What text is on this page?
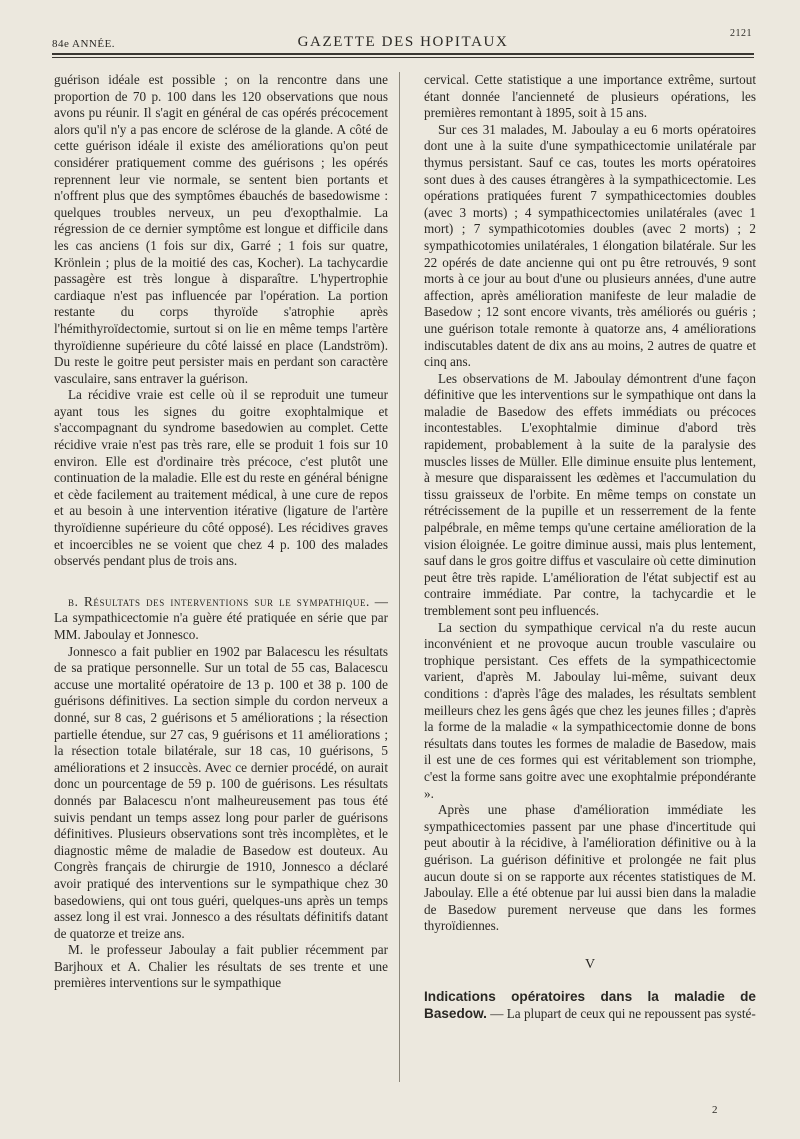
84e ANNÉE.	GAZETTE DES HOPITAUX
2121

guérison idéale est possible ; on la rencontre dans une proportion de 70 p. 100 dans les 120 observations que nous avons pu réunir. Il s'agit en général de cas opérés précocement alors qu'il n'y a pas encore de sclérose de la glande. A côté de cette guérison idéale il existe des améliorations qu'on peut considérer pratiquement comme des guérisons ; les opérés reprennent leur vie normale, se sentent bien portants et n'offrent plus que des symptômes ébauchés de basedowisme : quelques troubles nerveux, un peu d'exopthalmie. La régression de ce dernier symptôme est longue et difficile dans les cas anciens (1 fois sur dix, Garré ; 1 fois sur quatre, Krönlein ; plus de la moitié des cas, Kocher). La tachycardie passagère est très longue à disparaître. L'hypertrophie cardiaque n'est pas influencée par l'opération. La portion restante du corps thyroïde s'atrophie après l'hémithyroïdectomie, surtout si on lie en même temps l'artère thyroïdienne supérieure du côté laissé en place (Landström). Du reste le goitre peut persister mais en perdant son caractère vasculaire, sans entraver la guérison.

La récidive vraie est celle où il se reproduit une tumeur ayant tous les signes du goitre exophtalmique et s'accompagnant du syndrome basedowien au complet. Cette récidive vraie n'est pas très rare, elle se produit 1 fois sur 10 environ. Elle est d'ordinaire très précoce, c'est plutôt une continuation de la maladie. Elle est du reste en général bénigne et cède facilement au traitement médical, à une cure de repos et au besoin à une intervention itérative (ligature de l'artère thyroïdienne supérieure du côté opposé). Les récidives graves et incoercibles ne se voient que chez 4 p. 100 des malades observés pendant plus de trois ans.

β. Résultats des interventions sur le sympathique. — La sympathicectomie n'a guère été pratiquée en série que par MM. Jaboulay et Jonnesco.

Jonnesco a fait publier en 1902 par Balacescu les résultats de sa pratique personnelle. Sur un total de 55 cas, Balacescu accuse une mortalité opératoire de 13 p. 100 et 38 p. 100 de guérisons définitives. La section simple du cordon nerveux a donné, sur 8 cas, 2 guérisons et 5 améliorations ; la résection partielle étendue, sur 27 cas, 9 guérisons et 11 améliorations ; la résection totale bilatérale, sur 18 cas, 10 guérisons, 5 améliorations et 2 insuccès. Avec ce dernier procédé, on aurait donc un pourcentage de 59 p. 100 de guérisons. Les résultats donnés par Balacescu n'ont malheureusement pas tous été suivis pendant un temps assez long pour parler de guérisons définitives. Plusieurs observations sont très incomplètes, et le diagnostic même de maladie de Basedow est douteux. Au Congrès français de chirurgie de 1910, Jonnesco a déclaré avoir pratiqué des interventions sur le sympathique chez 30 basedowiens, qui ont tous guéri, quelques-uns après un temps assez long il est vrai. Jonnesco a des résultats définitifs datant de quatorze et treize ans.

M. le professeur Jaboulay a fait publier récemment par Barjhoux et A. Chalier les résultats de ses trente et une premières interventions sur le sympathique

cervical. Cette statistique a une importance extrême, surtout étant donnée l'ancienneté de plusieurs opérations, les premières remontant à 1895, soit à 15 ans.

Sur ces 31 malades, M. Jaboulay a eu 6 morts opératoires dont une à la suite d'une sympathicectomie unilatérale par thymus persistant. Sauf ce cas, toutes les morts opératoires sont dues à des causes étrangères à la sympathicectomie. Les opérations pratiquées furent 7 sympathicectomies doubles (avec 3 morts) ; 4 sympathicectomies unilatérales (avec 1 mort) ; 7 sympathicotomies doubles (avec 2 morts) ; 2 sympathicotomies unilatérales, 1 élongation bilatérale. Sur les 22 opérés de date ancienne qui ont pu être retrouvés, 9 sont morts à ce jour au bout d'une ou plusieurs années, d'une autre affection, après amélioration manifeste de leur maladie de Basedow ; 12 sont encore vivants, très améliorés ou guéris ; une guérison totale remonte à quatorze ans, 4 améliorations indiscutables datent de dix ans au moins, 2 autres de quatre et cinq ans.

Les observations de M. Jaboulay démontrent d'une façon définitive que les interventions sur le sympathique ont dans la maladie de Basedow des effets immédiats ou précoces incontestables. L'exophtalmie diminue d'abord très rapidement, probablement à la suite de la paralysie des muscles lisses de Müller. Elle diminue ensuite plus lentement, à mesure que disparaissent les œdèmes et l'accumulation du tissu graisseux de l'orbite. En même temps on constate un rétrécissement de la pupille et un resserrement de la fente palpébrale, en même temps qu'une certaine amélioration de la vision éloignée. Le goitre diminue aussi, mais plus lentement, sauf dans le gros goitre diffus et vasculaire où cette diminution peut être très rapide. L'amélioration de l'état subjectif est au contraire immédiate. Par contre, la tachycardie et le tremblement sont peu influencés.

La section du sympathique cervical n'a du reste aucun inconvénient et ne provoque aucun trouble vasculaire ou trophique persistant. Ces effets de la sympathicectomie varient, d'après M. Jaboulay lui-même, suivant deux conditions : d'après l'âge des malades, les résultats semblent meilleurs chez les gens âgés que chez les jeunes filles ; d'après la forme de la maladie « la sympathicectomie donne de bons résultats dans toutes les formes de maladie de Basedow, mais il est une de ces formes qui est véritablement son triomphe, c'est la forme sans goitre avec une exophtalmie prépondérante ».

Après une phase d'amélioration immédiate les sympathicectomies passent par une phase d'incertitude qui peut aboutir à la récidive, à l'amélioration définitive ou à la guérison. La guérison définitive et prolongée ne fait plus aucun doute si on se rapporte aux récentes statistiques de M. Jaboulay. Elle a été obtenue par lui aussi bien dans la maladie de Basedow purement nerveuse que dans les formes thyroïdiennes.

V

Indications opératoires dans la maladie de Basedow. — La plupart de ceux qui ne repoussent pas systé-

2
